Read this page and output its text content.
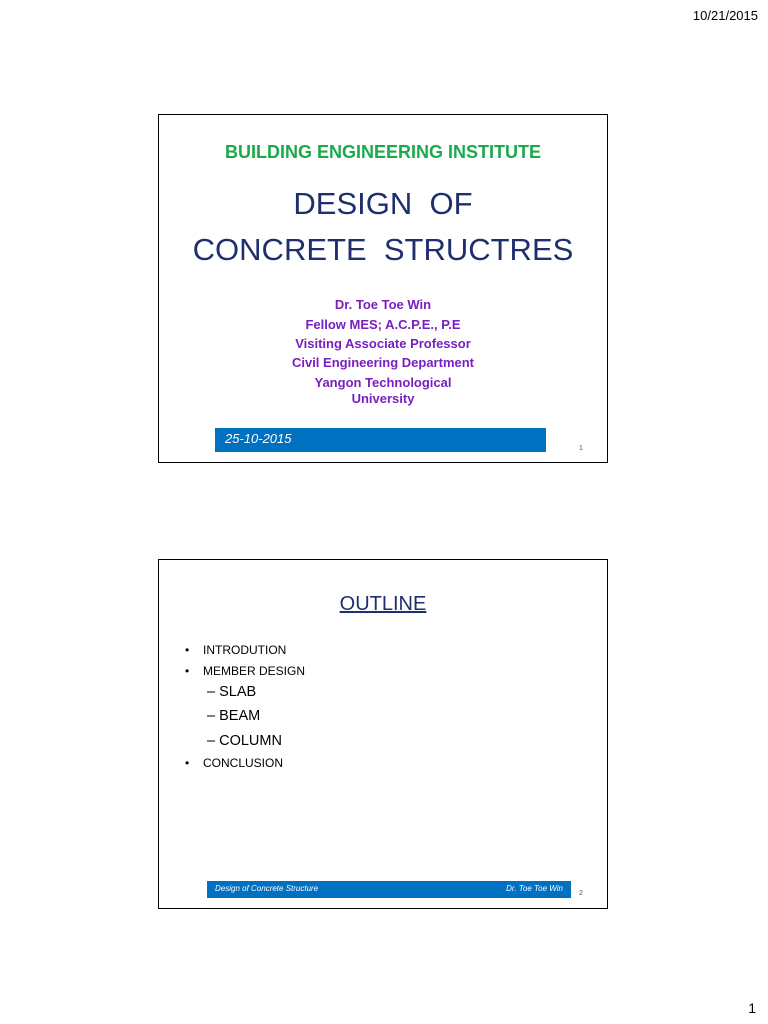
10/21/2015
BUILDING ENGINEERING INSTITUTE
DESIGN  OF
CONCRETE  STRUCTRES
Dr. Toe Toe Win
Fellow MES; A.C.P.E., P.E
Visiting Associate Professor
Civil Engineering Department
Yangon Technological
University
25-10-2015
1
OUTLINE
• INTRODUTION
• MEMBER DESIGN
– SLAB
– BEAM
– COLUMN
• CONCLUSION
Design of Concrete Structure	Dr. Toe Toe Win
2
1
